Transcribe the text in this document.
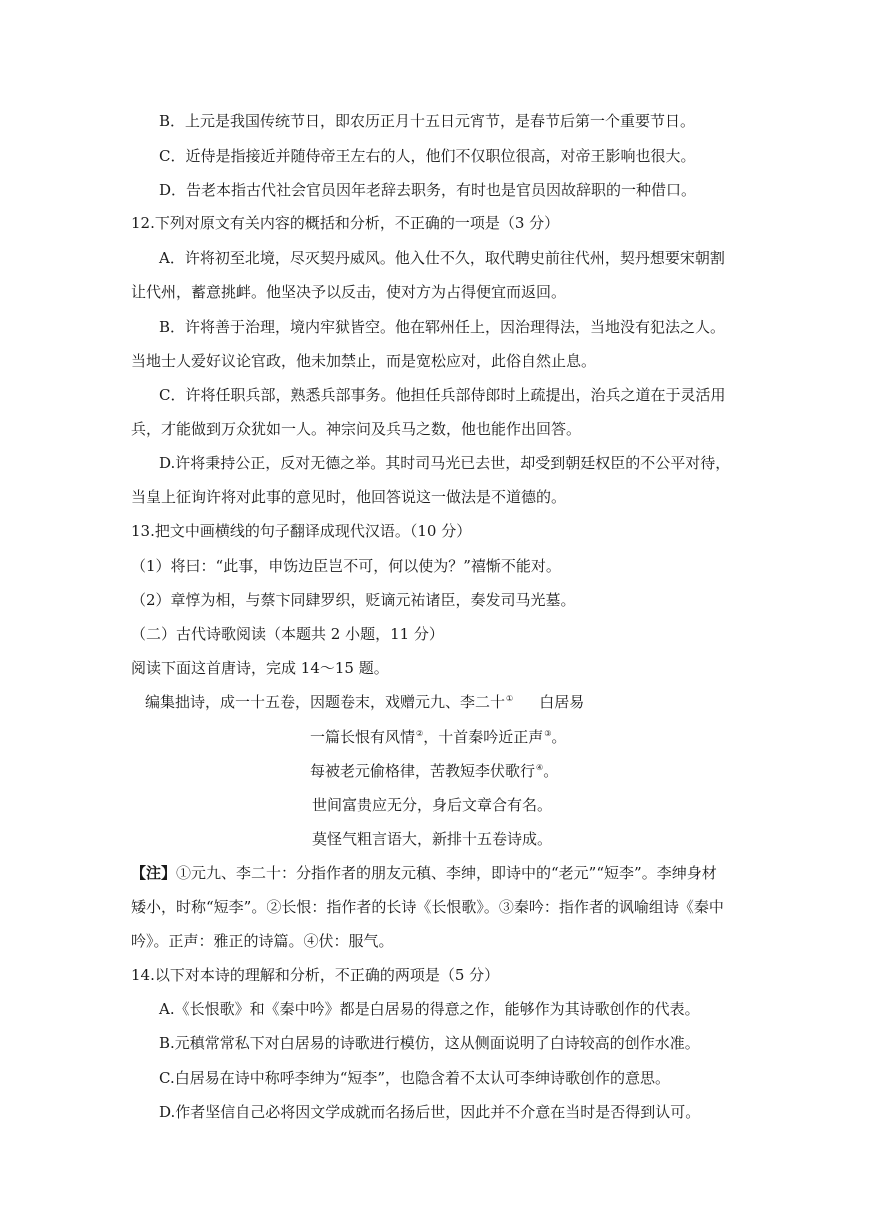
B．上元是我国传统节日，即农历正月十五日元宵节，是春节后第一个重要节日。
C．近侍是指接近并随侍帝王左右的人，他们不仅职位很高，对帝王影响也很大。
D．告老本指古代社会官员因年老辞去职务，有时也是官员因故辞职的一种借口。
12.下列对原文有关内容的概括和分析，不正确的一项是（3 分）
A．许将初至北境，尽灭契丹威风。他入仕不久，取代聘史前往代州，契丹想要宋朝割
让代州，蓄意挑衅。他坚决予以反击，使对方为占得便宜而返回。
B．许将善于治理，境内牢狱皆空。他在郓州任上，因治理得法，当地没有犯法之人。
当地士人爱好议论官政，他未加禁止，而是宽松应对，此俗自然止息。
C．许将任职兵部，熟悉兵部事务。他担任兵部侍郎时上疏提出，治兵之道在于灵活用
兵，才能做到万众犹如一人。神宗问及兵马之数，他也能作出回答。
D.许将秉持公正，反对无德之举。其时司马光已去世，却受到朝廷权臣的不公平对待，
当皇上征询许将对此事的意见时，他回答说这一做法是不道德的。
13.把文中画横线的句子翻译成现代汉语。（10 分）
（1）将曰：“此事，申饬边臣岂不可，何以使为？”禧惭不能对。
（2）章惇为相，与蔡卞同肆罗织，贬谪元祐诸臣，奏发司马光墓。
（二）古代诗歌阅读（本题共 2 小题，11 分）
阅读下面这首唐诗，完成 14～15 题。
编集拙诗，成一十五卷，因题卷末，戏赠元九、李二十① 白居易
一篇长恨有风情②，十首秦吟近正声③。
每被老元偷格律，苦教短李伏歌行④。
世间富贵应无分，身后文章合有名。
莫怪气粗言语大，新排十五卷诗成。
【注】①元九、李二十：分指作者的朋友元稹、李绅，即诗中的“老元”“短李”。李绅身材
矮小，时称“短李”。②长恨：指作者的长诗《长恨歌》。③秦吟：指作者的讽喻组诗《秦中
吟》。正声：雅正的诗篇。④伏：服气。
14.以下对本诗的理解和分析，不正确的两项是（5 分）
A.《长恨歌》和《秦中吟》都是白居易的得意之作，能够作为其诗歌创作的代表。
B.元稹常常私下对白居易的诗歌进行模仿，这从侧面说明了白诗较高的创作水准。
C.白居易在诗中称呼李绅为“短李”，也隐含着不太认可李绅诗歌创作的意思。
D.作者坚信自己必将因文学成就而名扬后世，因此并不介意在当时是否得到认可。
